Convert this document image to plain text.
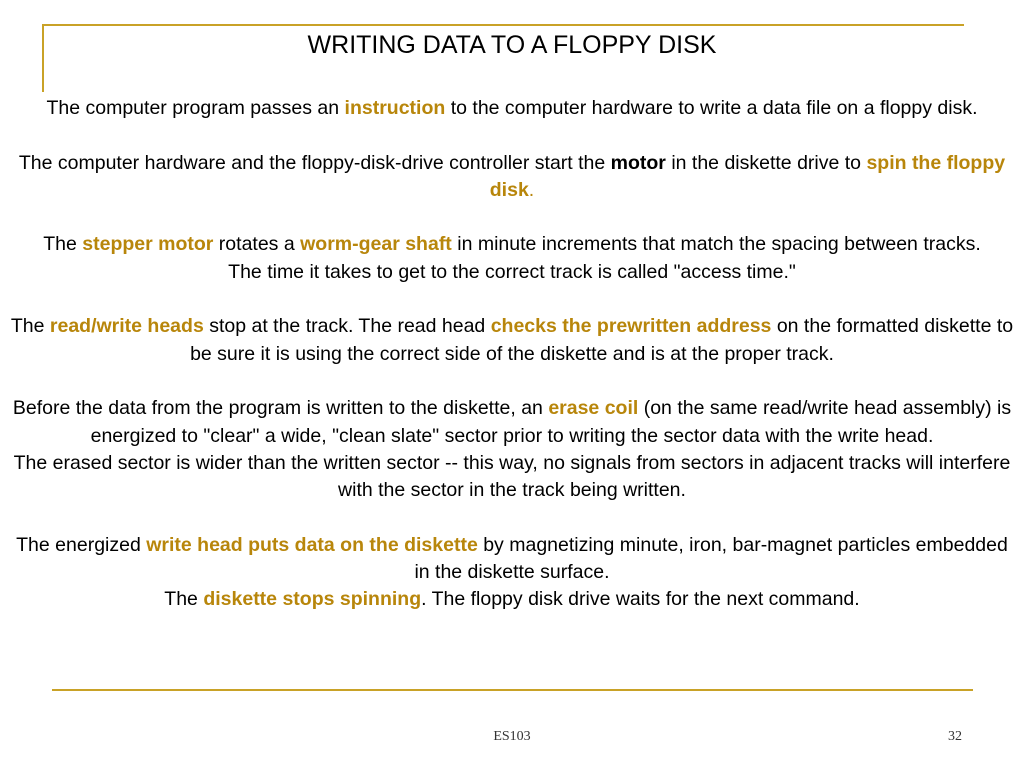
WRITING DATA TO A FLOPPY DISK

The computer program passes an instruction to the computer hardware to write a data file on a floppy disk.

The computer hardware and the floppy-disk-drive controller start the motor in the diskette drive to spin the floppy disk.

The stepper motor rotates a worm-gear shaft in minute increments that match the spacing between tracks.
The time it takes to get to the correct track is called "access time."

The read/write heads stop at the track. The read head checks the prewritten address on the formatted diskette to be sure it is using the correct side of the diskette and is at the proper track.

Before the data from the program is written to the diskette, an erase coil (on the same read/write head assembly) is energized to "clear" a wide, "clean slate" sector prior to writing the sector data with the write head.
The erased sector is wider than the written sector -- this way, no signals from sectors in adjacent tracks will interfere with the sector in the track being written.

The energized write head puts data on the diskette by magnetizing minute, iron, bar-magnet particles embedded in the diskette surface.
The diskette stops spinning. The floppy disk drive waits for the next command.

ES103	32
